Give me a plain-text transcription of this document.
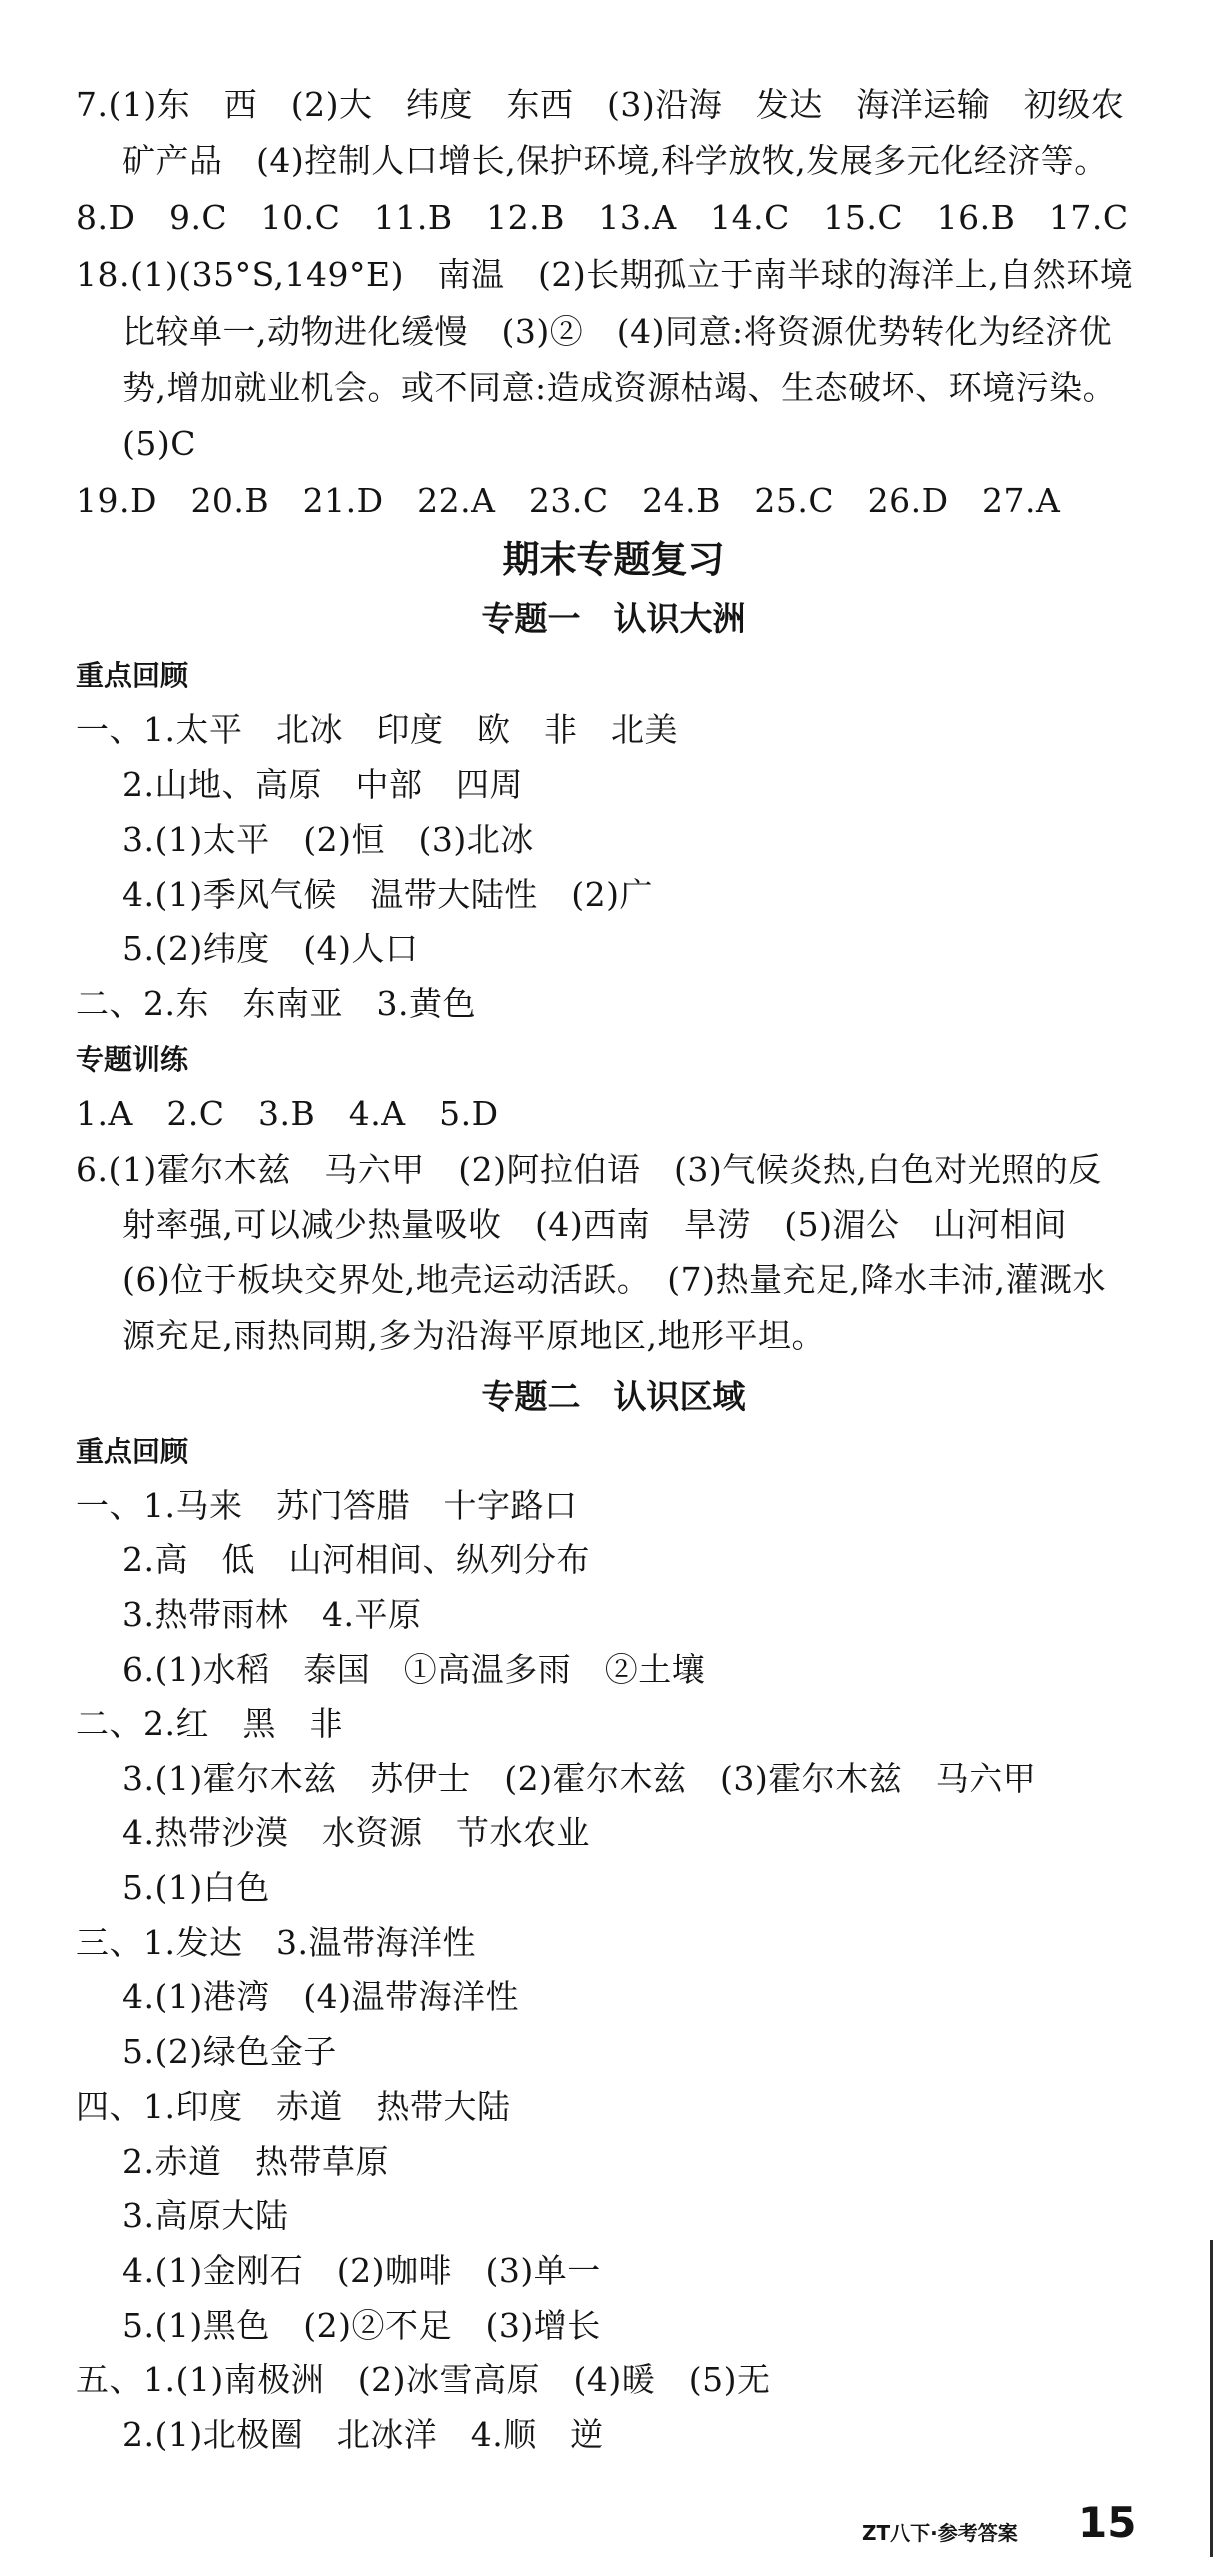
7.(1)东　西　(2)大　纬度　东西　(3)沿海　发达　海洋运输　初级农
矿产品　(4)控制人口增长,保护环境,科学放牧,发展多元化经济等。
8.D　9.C　10.C　11.B　12.B　13.A　14.C　15.C　16.B　17.C
18.(1)(35°S,149°E)　南温　(2)长期孤立于南半球的海洋上,自然环境
比较单一,动物进化缓慢　(3)②　(4)同意:将资源优势转化为经济优
势,增加就业机会。或不同意:造成资源枯竭、生态破坏、环境污染。
(5)C
19.D　20.B　21.D　22.A　23.C　24.B　25.C　26.D　27.A
期末专题复习
专题一　认识大洲
重点回顾
一、1.太平　北冰　印度　欧　非　北美
2.山地、高原　中部　四周
3.(1)太平　(2)恒　(3)北冰
4.(1)季风气候　温带大陆性　(2)广
5.(2)纬度　(4)人口
二、2.东　东南亚　3.黄色
专题训练
1.A　2.C　3.B　4.A　5.D
6.(1)霍尔木兹　马六甲　(2)阿拉伯语　(3)气候炎热,白色对光照的反
射率强,可以减少热量吸收　(4)西南　旱涝　(5)湄公　山河相间
(6)位于板块交界处,地壳运动活跃。　(7)热量充足,降水丰沛,灌溉水
源充足,雨热同期,多为沿海平原地区,地形平坦。
专题二　认识区域
重点回顾
一、1.马来　苏门答腊　十字路口
2.高　低　山河相间、纵列分布
3.热带雨林　4.平原
6.(1)水稻　泰国　①高温多雨　②土壤
二、2.红　黑　非
3.(1)霍尔木兹　苏伊士　(2)霍尔木兹　(3)霍尔木兹　马六甲
4.热带沙漠　水资源　节水农业
5.(1)白色
三、1.发达　3.温带海洋性
4.(1)港湾　(4)温带海洋性
5.(2)绿色金子
四、1.印度　赤道　热带大陆
2.赤道　热带草原
3.高原大陆
4.(1)金刚石　(2)咖啡　(3)单一
5.(1)黑色　(2)②不足　(3)增长
五、1.(1)南极洲　(2)冰雪高原　(4)暖　(5)无
2.(1)北极圈　北冰洋　4.顺　逆
ZT八下·参考答案 15
